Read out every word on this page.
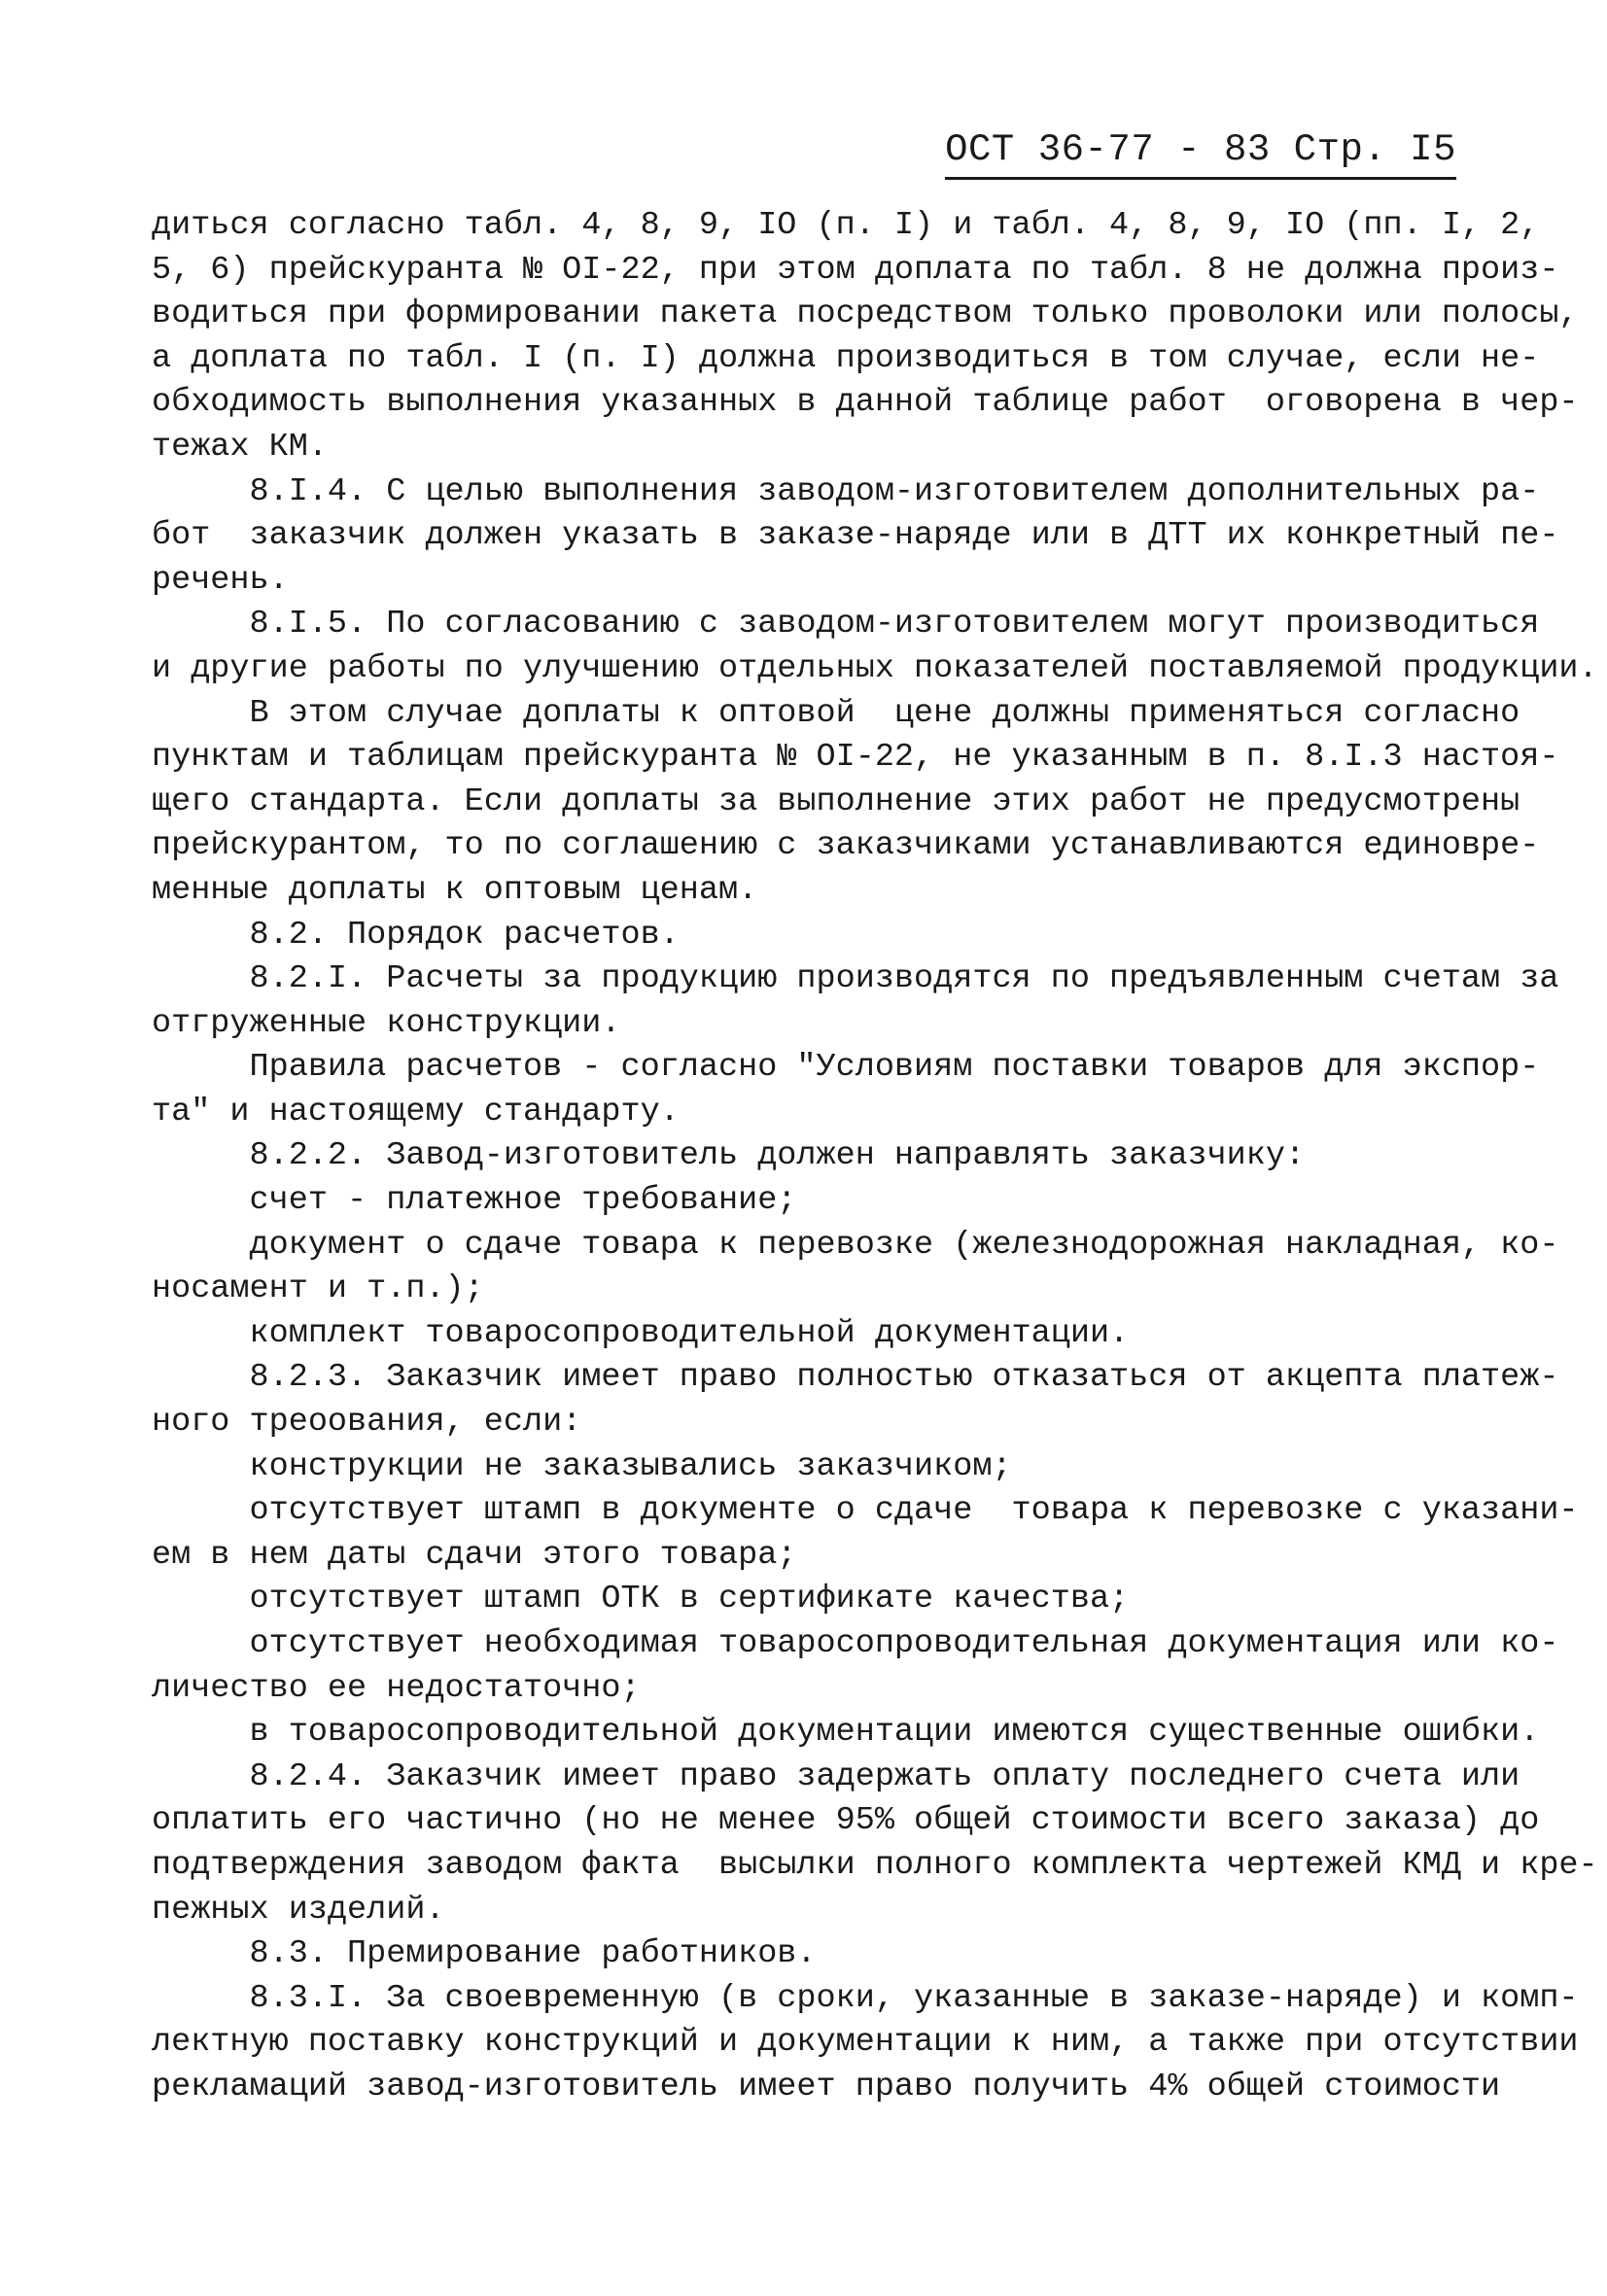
ОСТ 36-77 - 83 Стр. I5
диться согласно табл. 4, 8, 9, IO (п. I) и табл. 4, 8, 9, IO (пп. I, 2,
5, 6) прейскуранта № OI-22, при этом доплата по табл. 8 не должна произ-
водиться при формировании пакета посредством только проволоки или полосы,
а доплата по табл. I (п. I) должна производиться в том случае, если не-
обходимость выполнения указанных в данной таблице работ  оговорена в чер-
тежах КМ.
8.I.4. С целью выполнения заводом-изготовителем дополнительных ра-
бот  заказчик должен указать в заказе-наряде или в ДТТ их конкретный пе-
речень.
8.I.5. По согласованию с заводом-изготовителем могут производиться
и другие работы по улучшению отдельных показателей поставляемой продукции.
В этом случае доплаты к оптовой  цене должны применяться согласно
пунктам и таблицам прейскуранта № OI-22, не указанным в п. 8.I.3 настоя-
щего стандарта. Если доплаты за выполнение этих работ не предусмотрены
прейскурантом, то по соглашению с заказчиками устанавливаются единовре-
менные доплаты к оптовым ценам.
8.2. Порядок расчетов.
8.2.I. Расчеты за продукцию производятся по предъявленным счетам за
отгруженные конструкции.
Правила расчетов - согласно "Условиям поставки товаров для экспор-
та" и настоящему стандарту.
8.2.2. Завод-изготовитель должен направлять заказчику:
счет - платежное требование;
документ о сдаче товара к перевозке (железнодорожная накладная, ко-
носамент и т.п.);
комплект товаросопроводительной документации.
8.2.3. Заказчик имеет право полностью отказаться от акцепта платеж-
ного треоования, если:
конструкции не заказывались заказчиком;
отсутствует штамп в документе о сдаче  товара к перевозке с указани-
ем в нем даты сдачи этого товара;
отсутствует штамп ОТК в сертификате качества;
отсутствует необходимая товаросопроводительная документация или ко-
личество ее недостаточно;
в товаросопроводительной документации имеются существенные ошибки.
8.2.4. Заказчик имеет право задержать оплату последнего счета или
оплатить его частично (но не менее 95% общей стоимости всего заказа) до
подтверждения заводом факта  высылки полного комплекта чертежей КМД и кре-
пежных изделий.
8.3. Премирование работников.
8.3.I. За своевременную (в сроки, указанные в заказе-наряде) и комп-
лектную поставку конструкций и документации к ним, а также при отсутствии
рекламаций завод-изготовитель имеет право получить 4% общей стоимости
